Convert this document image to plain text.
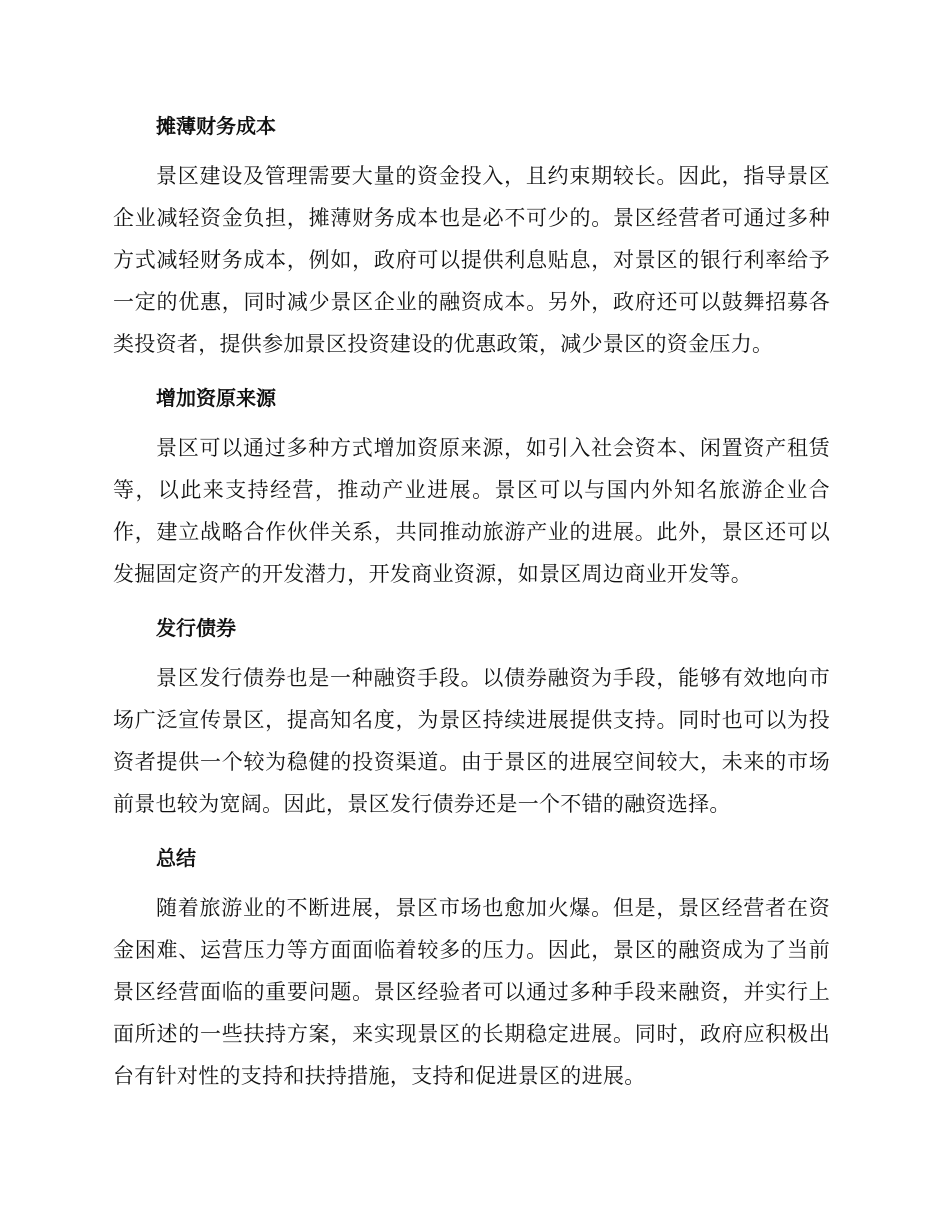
摊薄财务成本

景区建设及管理需要大量的资金投入，且约束期较长。因此，指导景区企业减轻资金负担，摊薄财务成本也是必不可少的。景区经营者可通过多种方式减轻财务成本，例如，政府可以提供利息贴息，对景区的银行利率给予一定的优惠，同时减少景区企业的融资成本。另外，政府还可以鼓舞招募各类投资者，提供参加景区投资建设的优惠政策，减少景区的资金压力。

增加资原来源

景区可以通过多种方式增加资原来源，如引入社会资本、闲置资产租赁等，以此来支持经营，推动产业进展。景区可以与国内外知名旅游企业合作，建立战略合作伙伴关系，共同推动旅游产业的进展。此外，景区还可以发掘固定资产的开发潜力，开发商业资源，如景区周边商业开发等。

发行债券

景区发行债券也是一种融资手段。以债券融资为手段，能够有效地向市场广泛宣传景区，提高知名度，为景区持续进展提供支持。同时也可以为投资者提供一个较为稳健的投资渠道。由于景区的进展空间较大，未来的市场前景也较为宽阔。因此，景区发行债券还是一个不错的融资选择。

总结

随着旅游业的不断进展，景区市场也愈加火爆。但是，景区经营者在资金困难、运营压力等方面面临着较多的压力。因此，景区的融资成为了当前景区经营面临的重要问题。景区经验者可以通过多种手段来融资，并实行上面所述的一些扶持方案，来实现景区的长期稳定进展。同时，政府应积极出台有针对性的支持和扶持措施，支持和促进景区的进展。
